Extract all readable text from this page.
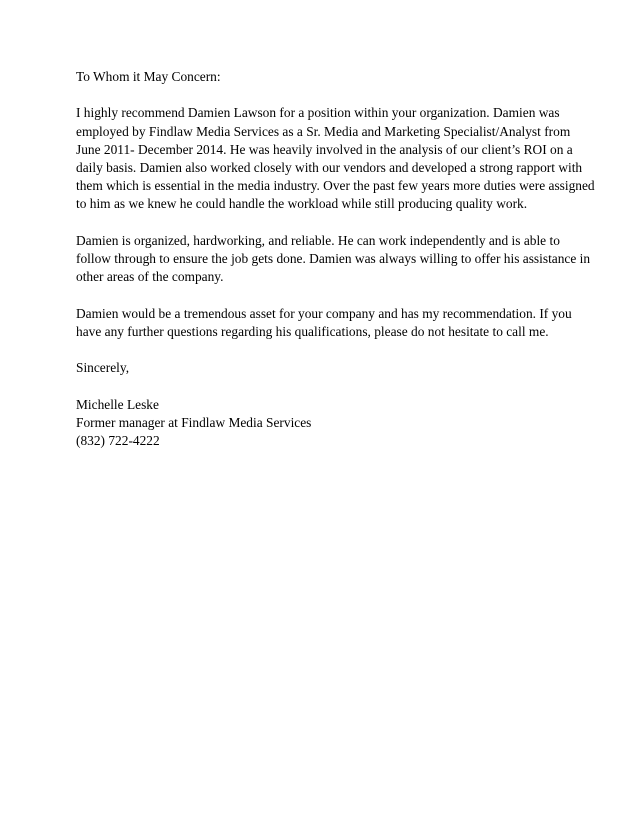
To Whom it May Concern:

I highly recommend Damien Lawson for a position within your organization. Damien was
employed by Findlaw Media Services as a Sr. Media and Marketing Specialist/Analyst from
June 2011- December 2014. He was heavily involved in the analysis of our client’s ROI on a
daily basis. Damien also worked closely with our vendors and developed a strong rapport with
them which is essential in the media industry. Over the past few years more duties were assigned
to him as we knew he could handle the workload while still producing quality work.

Damien is organized, hardworking, and reliable. He can work independently and is able to
follow through to ensure the job gets done. Damien was always willing to offer his assistance in
other areas of the company.

Damien would be a tremendous asset for your company and has my recommendation. If you
have any further questions regarding his qualifications, please do not hesitate to call me.

Sincerely,

Michelle Leske
Former manager at Findlaw Media Services
(832) 722-4222
